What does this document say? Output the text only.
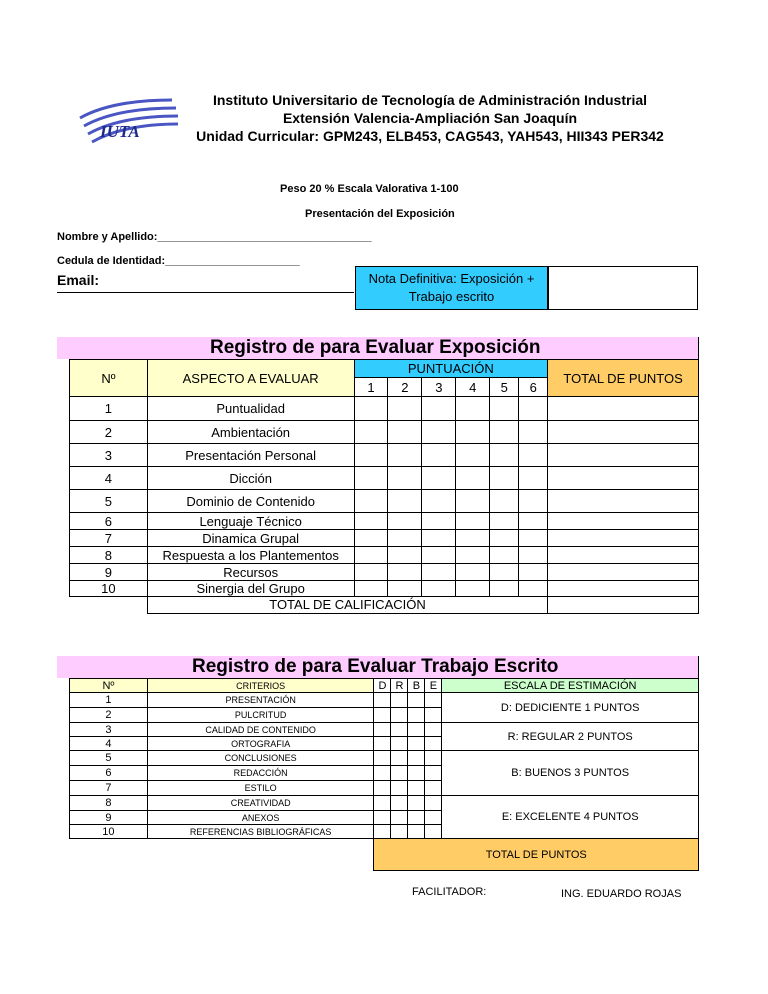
IUTA
Instituto Universitario de Tecnología de Administración Industrial
Extensión Valencia-Ampliación San Joaquín
Unidad Curricular: GPM243, ELB453, CAG543, YAH543, HII343 PER342
Peso 20 % Escala Valorativa 1-100
Presentación del Exposición
Nombre y Apellido:___________________________________
Cedula de Identidad:______________________
Email:	Nota Definitiva: Exposición + Trabajo escrito
Registro de para Evaluar Exposición
Nº	ASPECTO A EVALUAR	PUNTUACIÓN						TOTAL DE PUNTOS
		1	2	3	4	5	6	
1	Puntualidad							
2	Ambientación							
3	Presentación Personal							
4	Dicción							
5	Dominio de Contenido							
6	Lenguaje Técnico							
7	Dinamica Grupal							
8	Respuesta a los Plantementos							
9	Recursos							
10	Sinergia del Grupo							
	TOTAL DE CALIFICACIÓN							
Registro de para Evaluar Trabajo Escrito
Nº	CRITERIOS	D	R	B	E	ESCALA DE ESTIMACIÓN
1	PRESENTACIÓN					D: DEDICIENTE 1 PUNTOS
2	PULCRITUD					
3	CALIDAD DE CONTENIDO					R: REGULAR 2 PUNTOS
4	ORTOGRAFIA					
5	CONCLUSIONES					B: BUENOS 3 PUNTOS
6	REDACCIÓN					
7	ESTILO					
8	CREATIVIDAD					E: EXCELENTE 4 PUNTOS
9	ANEXOS					
10	REFERENCIAS BIBLIOGRÁFICAS					
		TOTAL DE PUNTOS				
FACILITADOR:	ING. EDUARDO ROJAS
